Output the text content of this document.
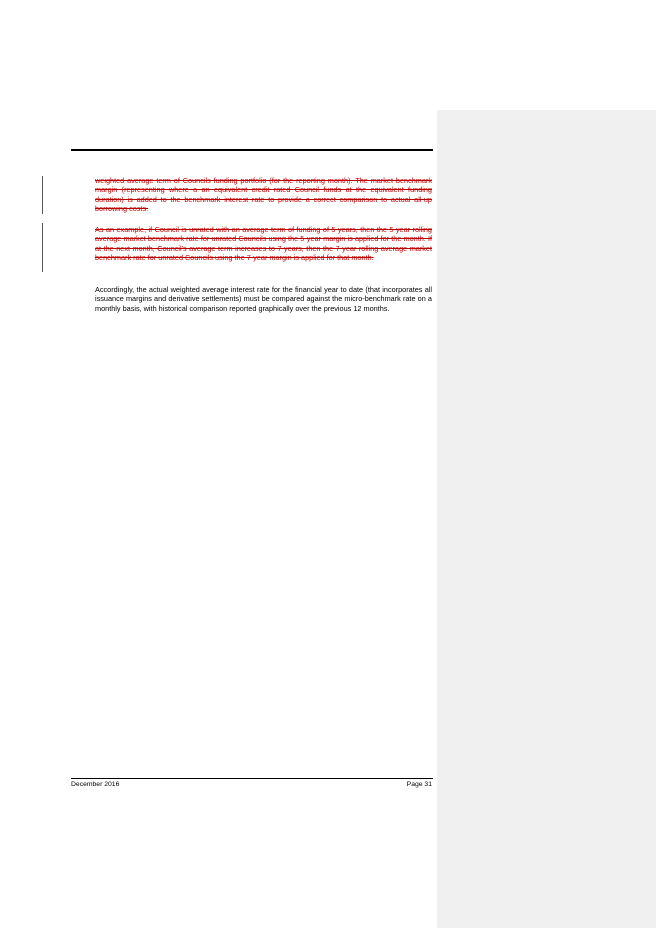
weighted average term of Councils funding portfolio (for the reporting month). The market benchmark margin (representing where a an equivalent credit rated Council funds at the equivalent funding duration) is added to the benchmark interest rate to provide a correct comparison to actual all-up borrowing costs.

As an example, if Council is unrated with an average term of funding of 5-years, then the 5 year rolling average market benchmark rate for unrated Councils using the 5-year margin is applied for the month. If at the next month, Council's average term increases to 7-years, then the 7 year rolling average market benchmark rate for unrated Councils using the 7-year margin is applied for that month.

Accordingly, the actual weighted average interest rate for the financial year to date (that incorporates all issuance margins and derivative settlements) must be compared against the micro-benchmark rate on a monthly basis, with historical comparison reported graphically over the previous 12 months.

December 2016	Page 31
